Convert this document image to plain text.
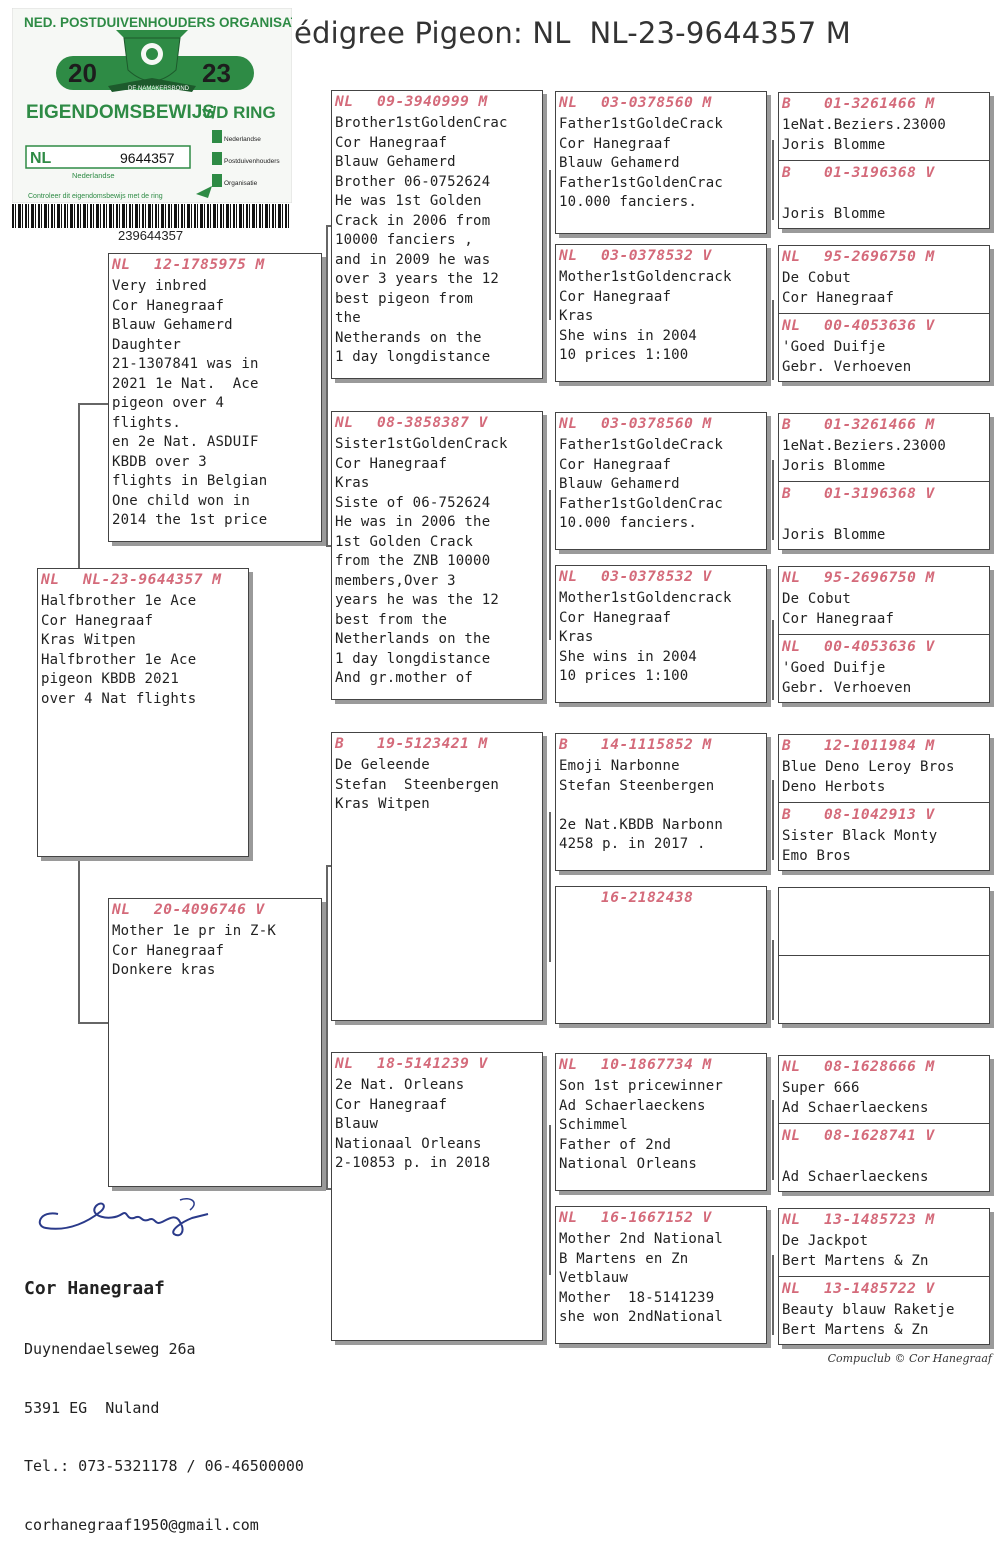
édigree Pigeon: NL  NL-23-9644357 M
NED. POSTDUIVENHOUDERS ORGANISATIE
20	23
DE NAMAKERSBOND
EIGENDOMSBEWIJS
v/D RING
NL	9644357
Nederlandse
Nederlandse
Postduivenhouders
Organisatie
Controleer dit eigendomsbewijs met de ring
239644357
NL NL-23-9644357 M
Halfbrother 1e Ace
Cor Hanegraaf
Kras Witpen
Halfbrother 1e Ace
pigeon KBDB 2021
over 4 Nat flights
NL 12-1785975 M
Very inbred
Cor Hanegraaf
Blauw Gehamerd
Daughter
21-1307841 was in
2021 1e Nat.  Ace
pigeon over 4
flights.
en 2e Nat. ASDUIF
KBDB over 3
flights in Belgian
One child won in
2014 the 1st price
NL 20-4096746 V
Mother 1e pr in Z-K
Cor Hanegraaf
Donkere kras
NL 09-3940999 M
Brother1stGoldenCrac
Cor Hanegraaf
Blauw Gehamerd
Brother 06-0752624
He was 1st Golden
Crack in 2006 from
10000 fanciers ,
and in 2009 he was
over 3 years the 12
best pigeon from
the
Netherands on the
1 day longdistance
NL 08-3858387 V
Sister1stGoldenCrack
Cor Hanegraaf
Kras
Siste of 06-752624
He was in 2006 the
1st Golden Crack
from the ZNB 10000
members,Over 3
years he was the 12
best from the
Netherlands on the
1 day longdistance
And gr.mother of
B 19-5123421 M
De Geleende
Stefan  Steenbergen
Kras Witpen
NL 18-5141239 V
2e Nat. Orleans
Cor Hanegraaf
Blauw
Nationaal Orleans
2-10853 p. in 2018
NL 03-0378560 M
Father1stGoldeCrack
Cor Hanegraaf
Blauw Gehamerd
Father1stGoldenCrac
10.000 fanciers.
NL 03-0378532 V
Mother1stGoldencrack
Cor Hanegraaf
Kras
She wins in 2004
10 prices 1:100
NL 03-0378560 M
Father1stGoldeCrack
Cor Hanegraaf
Blauw Gehamerd
Father1stGoldenCrac
10.000 fanciers.
NL 03-0378532 V
Mother1stGoldencrack
Cor Hanegraaf
Kras
She wins in 2004
10 prices 1:100
B 14-1115852 M
Emoji Narbonne
Stefan Steenbergen

2e Nat.KBDB Narbonn
4258 p. in 2017 .
16-2182438
NL 10-1867734 M
Son 1st pricewinner
Ad Schaerlaeckens
Schimmel
Father of 2nd
National Orleans
NL 16-1667152 V
Mother 2nd National
B Martens en Zn
Vetblauw
Mother  18-5141239
she won 2ndNational
B 01-3261466 M
1eNat.Beziers.23000
Joris Blomme
B 01-3196368 V

Joris Blomme
NL 95-2696750 M
De Cobut
Cor Hanegraaf
NL 00-4053636 V
'Goed Duifje
Gebr. Verhoeven
B 01-3261466 M
1eNat.Beziers.23000
Joris Blomme
B 01-3196368 V

Joris Blomme
NL 95-2696750 M
De Cobut
Cor Hanegraaf
NL 00-4053636 V
'Goed Duifje
Gebr. Verhoeven
B 12-1011984 M
Blue Deno Leroy Bros
Deno Herbots
B 08-1042913 V
Sister Black Monty
Emo Bros
NL 08-1628666 M
Super 666
Ad Schaerlaeckens
NL 08-1628741 V

Ad Schaerlaeckens
NL 13-1485723 M
De Jackpot
Bert Martens & Zn
NL 13-1485722 V
Beauty blauw Raketje
Bert Martens & Zn

Cor Hanegraaf

Duynendaelseweg 26a

5391 EG  Nuland

Tel.: 073-5321178 / 06-46500000

corhanegraaf1950@gmail.com

Compuclub © Cor Hanegraaf
